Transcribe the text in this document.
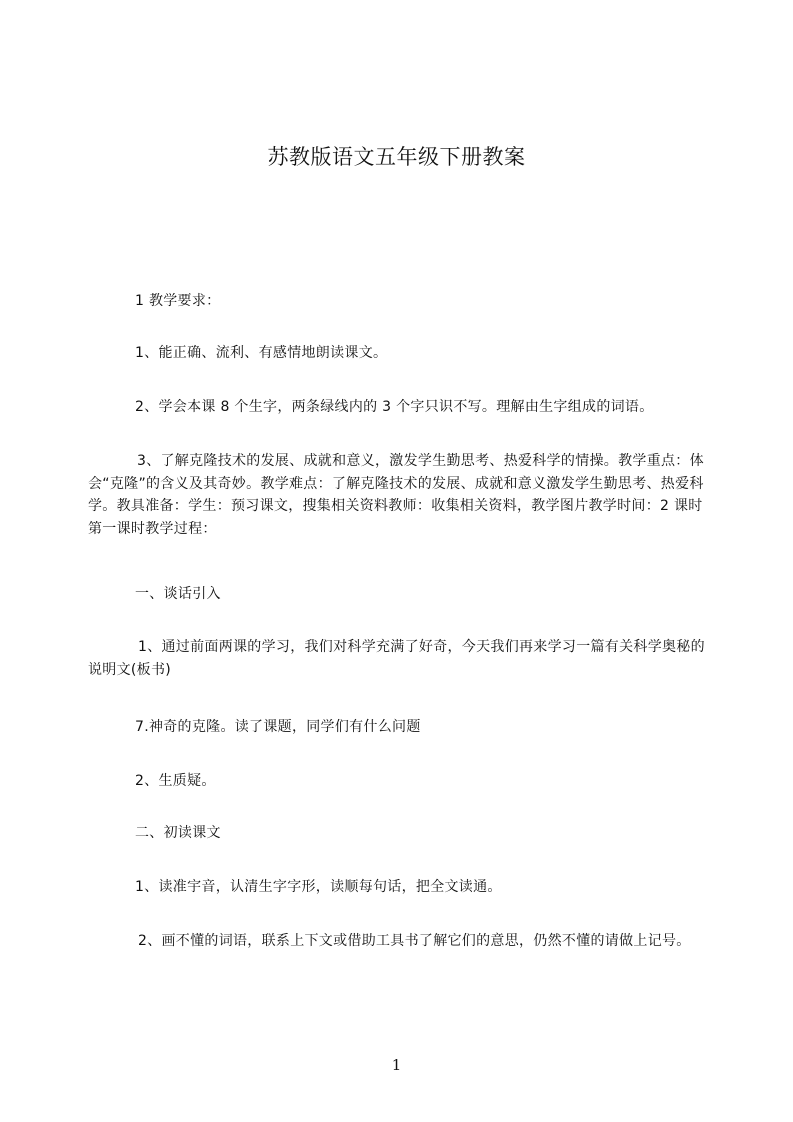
苏教版语文五年级下册教案

1 教学要求：

1、能正确、流利、有感情地朗读课文。

2、学会本课 8 个生字，两条绿线内的 3 个字只识不写。理解由生字组成的词语。

3、了解克隆技术的发展、成就和意义，激发学生勤思考、热爱科学的情操。教学重点：体会“克隆”的含义及其奇妙。教学难点：了解克隆技术的发展、成就和意义激发学生勤思考、热爱科学。教具准备：学生：预习课文，搜集相关资料教师：收集相关资料，教学图片教学时间：2 课时第一课时教学过程：

一、谈话引入

1、通过前面两课的学习，我们对科学充满了好奇，今天我们再来学习一篇有关科学奥秘的说明文(板书)

7.神奇的克隆。读了课题，同学们有什么问题

2、生质疑。

二、初读课文

1、读准宇音，认清生字字形，读顺每句话，把全文读通。

2、画不懂的词语，联系上下文或借助工具书了解它们的意思，仍然不懂的请做上记号。

1
